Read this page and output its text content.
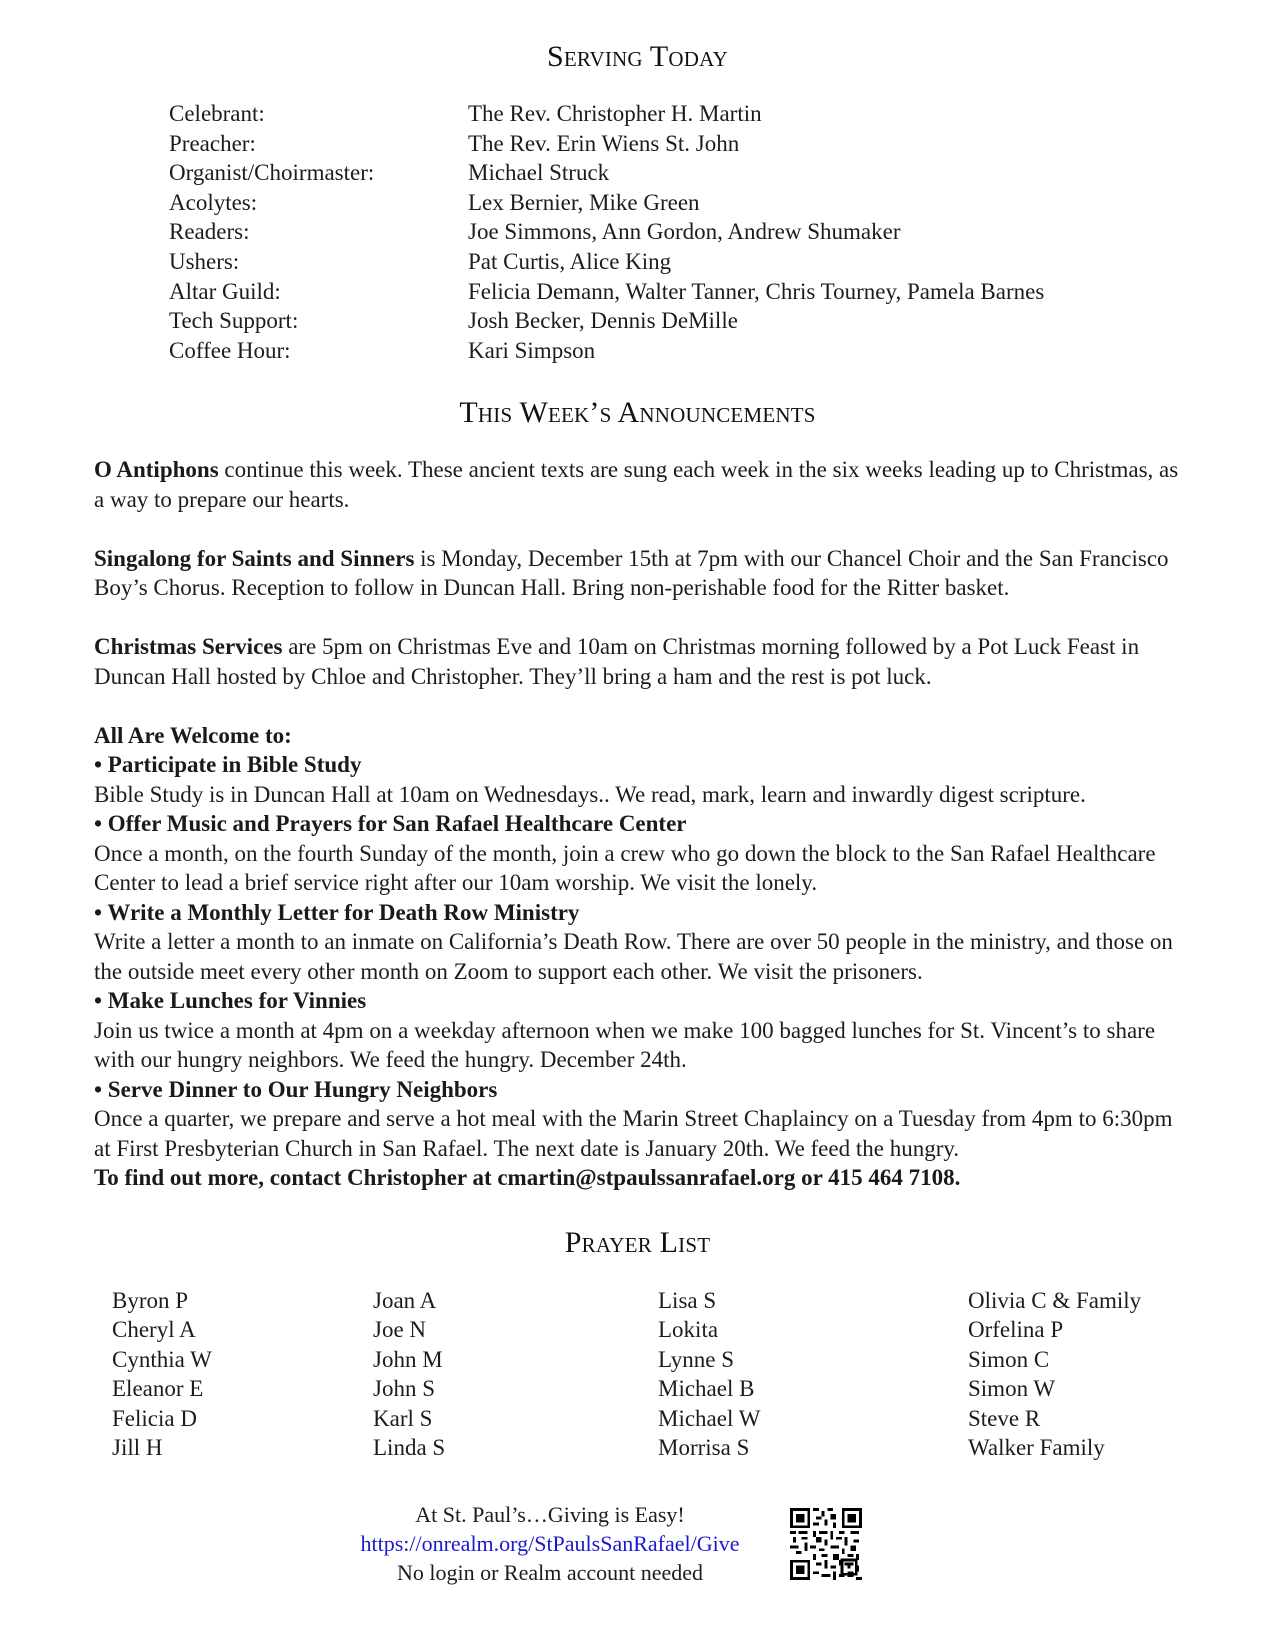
Serving Today
Celebrant:	The Rev. Christopher H. Martin
Preacher:	The Rev. Erin Wiens St. John
Organist/Choirmaster:	Michael Struck
Acolytes:	Lex Bernier, Mike Green
Readers:	Joe Simmons, Ann Gordon, Andrew Shumaker
Ushers:	Pat Curtis, Alice King
Altar Guild:	Felicia Demann, Walter Tanner, Chris Tourney, Pamela Barnes
Tech Support:	Josh Becker, Dennis DeMille
Coffee Hour:	Kari Simpson
This Week’s Announcements

O Antiphons continue this week. These ancient texts are sung each week in the six weeks leading up to Christmas, as a way to prepare our hearts.

Singalong for Saints and Sinners is Monday, December 15th at 7pm with our Chancel Choir and the San Francisco Boy’s Chorus. Reception to follow in Duncan Hall. Bring non-perishable food for the Ritter basket.

Christmas Services are 5pm on Christmas Eve and 10am on Christmas morning followed by a Pot Luck Feast in Duncan Hall hosted by Chloe and Christopher. They’ll bring a ham and the rest is pot luck.

All Are Welcome to:

• Participate in Bible Study

Bible Study is in Duncan Hall at 10am on Wednesdays.. We read, mark, learn and inwardly digest scripture.

• Offer Music and Prayers for San Rafael Healthcare Center

Once a month, on the fourth Sunday of the month, join a crew who go down the block to the San Rafael Healthcare Center to lead a brief service right after our 10am worship. We visit the lonely.

• Write a Monthly Letter for Death Row Ministry

Write a letter a month to an inmate on California’s Death Row. There are over 50 people in the ministry, and those on the outside meet every other month on Zoom to support each other. We visit the prisoners.

• Make Lunches for Vinnies

Join us twice a month at 4pm on a weekday afternoon when we make 100 bagged lunches for St. Vincent’s to share with our hungry neighbors. We feed the hungry. December 24th.

• Serve Dinner to Our Hungry Neighbors

Once a quarter, we prepare and serve a hot meal with the Marin Street Chaplaincy on a Tuesday from 4pm to 6:30pm at First Presbyterian Church in San Rafael. The next date is January 20th. We feed the hungry.

To find out more, contact Christopher at cmartin@stpaulssanrafael.org or 415 464 7108.

Prayer List
Byron P
Cheryl A
Cynthia W
Eleanor E
Felicia D
Jill H
Joan A
Joe N
John M
John S
Karl S
Linda S
Lisa S
Lokita
Lynne S
Michael B
Michael W
Morrisa S
Olivia C & Family
Orfelina P
Simon C
Simon W
Steve R
Walker Family
At St. Paul’s…Giving is Easy!
https://onrealm.org/StPaulsSanRafael/Give
No login or Realm account needed
